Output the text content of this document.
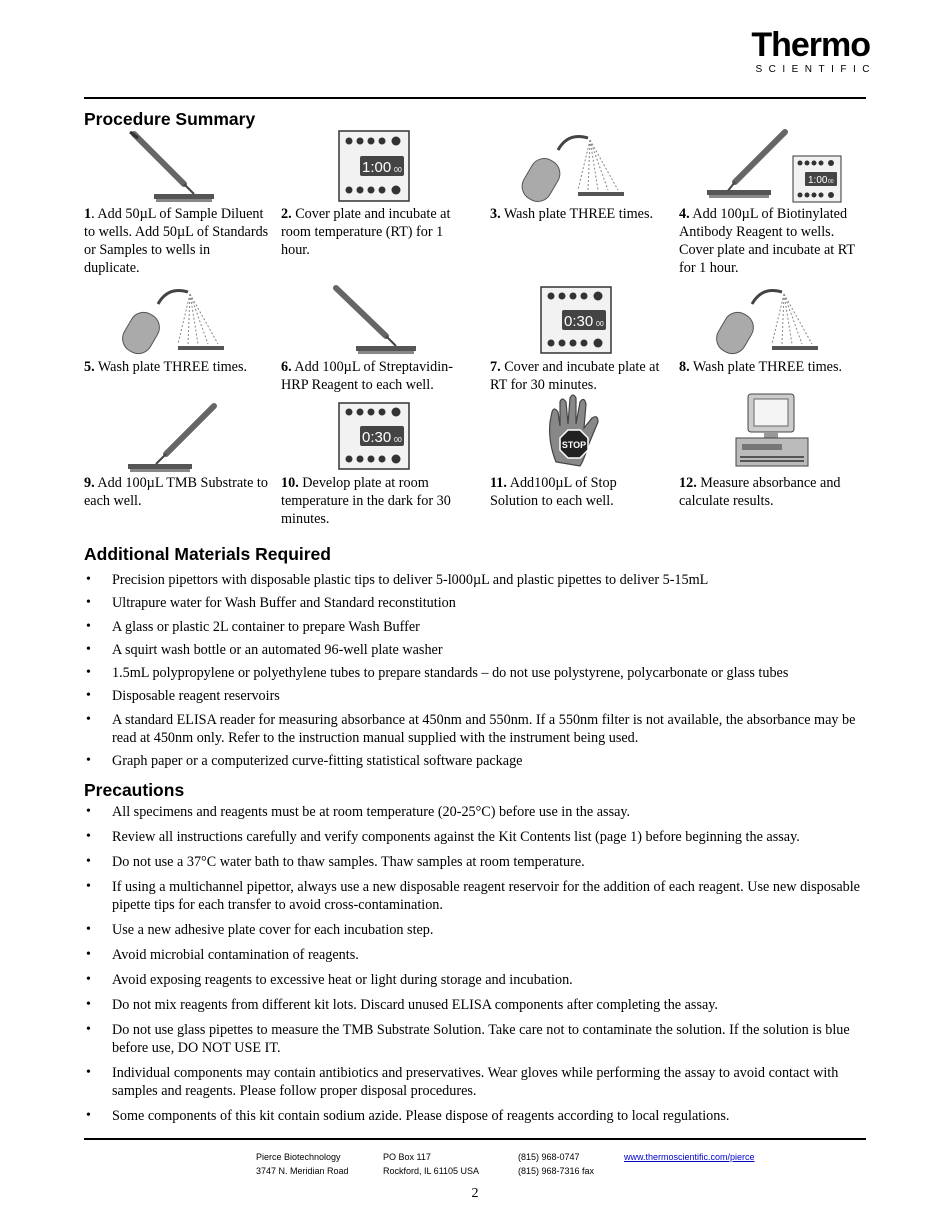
Thermo
SCIENTIFIC
Procedure Summary
1:00 00
1:00 00
1. Add 50µL of Sample Diluent to wells. Add 50µL of Standards or Samples to wells in duplicate.
2. Cover plate and incubate at room temperature (RT) for 1 hour.
3. Wash plate THREE times.	4. Add 100µL of Biotinylated Antibody Reagent to wells. Cover plate and incubate at RT for 1 hour.
0:30 00
5. Wash plate THREE times.	6. Add 100µL of Streptavidin-HRP Reagent to each well.
7. Cover and incubate plate at RT for 30 minutes.
8. Wash plate THREE times.
0:30 00	STOP
9. Add 100µL TMB Substrate to each well.
10. Develop plate at room temperature in the dark for 30 minutes.
11. Add100µL of Stop Solution to each well.
12. Measure absorbance and calculate results.
Additional Materials Required
• Precision pipettors with disposable plastic tips to deliver 5-l000µL and plastic pipettes to deliver 5-15mL
• Ultrapure water for Wash Buffer and Standard reconstitution
• A glass or plastic 2L container to prepare Wash Buffer
• A squirt wash bottle or an automated 96-well plate washer
• 1.5mL polypropylene or polyethylene tubes to prepare standards – do not use polystyrene, polycarbonate or glass tubes
• Disposable reagent reservoirs
• A standard ELISA reader for measuring absorbance at 450nm and 550nm. If a 550nm filter is not available, the absorbance may be read at 450nm only. Refer to the instruction manual supplied with the instrument being used.
• Graph paper or a computerized curve-fitting statistical software package
Precautions
• All specimens and reagents must be at room temperature (20-25°C) before use in the assay.
• Review all instructions carefully and verify components against the Kit Contents list (page 1) before beginning the assay.
• Do not use a 37°C water bath to thaw samples. Thaw samples at room temperature.
• If using a multichannel pipettor, always use a new disposable reagent reservoir for the addition of each reagent. Use new disposable pipette tips for each transfer to avoid cross-contamination.
• Use a new adhesive plate cover for each incubation step.
• Avoid microbial contamination of reagents.
• Avoid exposing reagents to excessive heat or light during storage and incubation.
• Do not mix reagents from different kit lots. Discard unused ELISA components after completing the assay.
• Do not use glass pipettes to measure the TMB Substrate Solution. Take care not to contaminate the solution. If the solution is blue before use, DO NOT USE IT.
• Individual components may contain antibiotics and preservatives. Wear gloves while performing the assay to avoid contact with samples and reagents. Please follow proper disposal procedures.
• Some components of this kit contain sodium azide. Please dispose of reagents according to local regulations.
Pierce Biotechnology
3747 N. Meridian Road
PO Box 117
Rockford, IL 61105 USA
(815) 968-0747
(815) 968-7316 fax
www.thermoscientific.com/pierce
2
